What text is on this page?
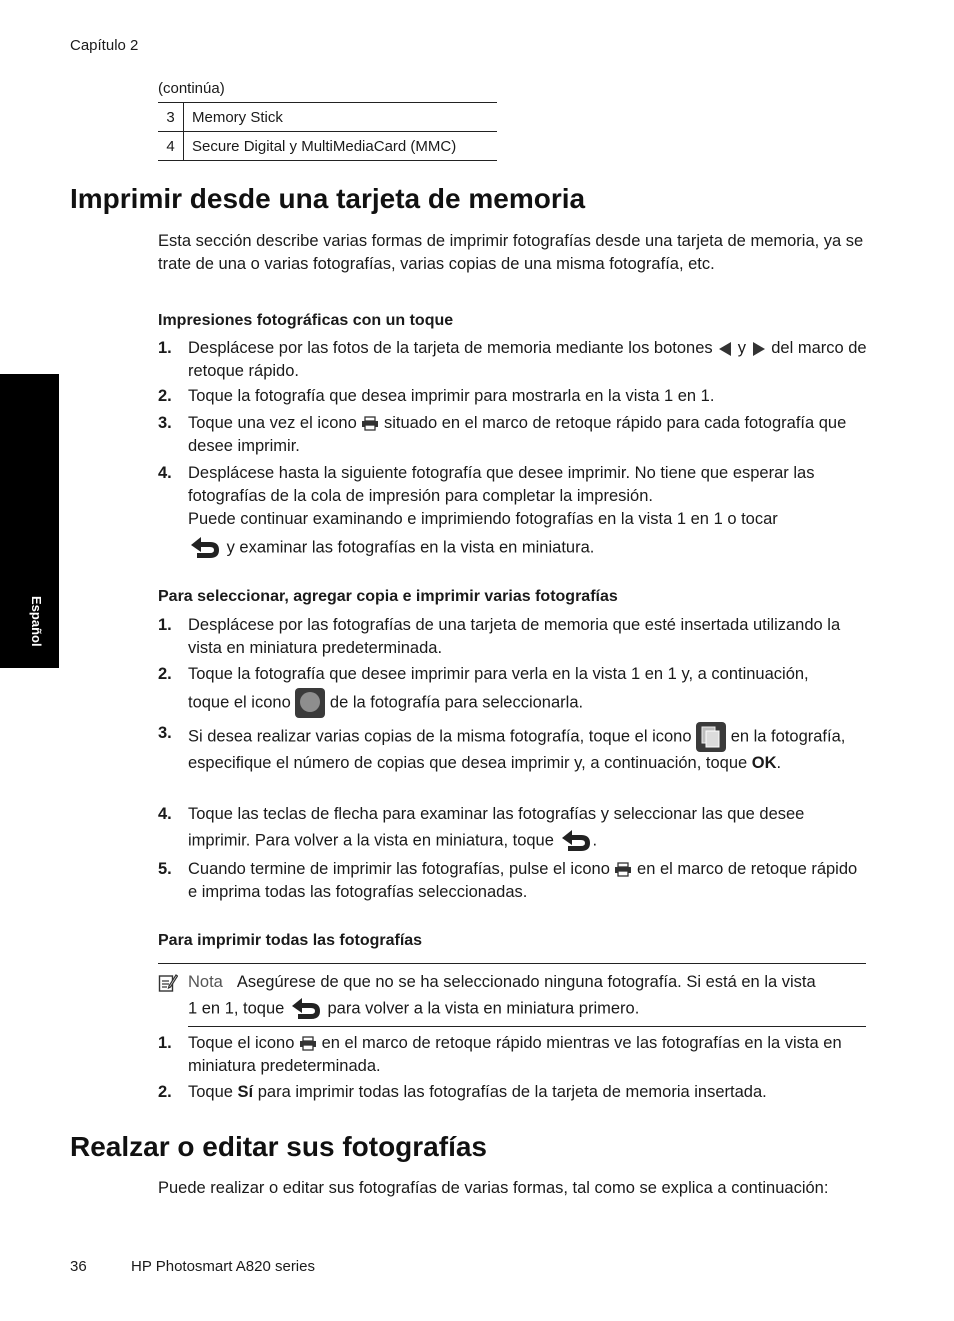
Capítulo 2
(continúa)
3	Memory Stick
4	Secure Digital y MultiMediaCard (MMC)
Español
Imprimir desde una tarjeta de memoria
Esta sección describe varias formas de imprimir fotografías desde una tarjeta de memoria, ya se trate de una o varias fotografías, varias copias de una misma fotografía, etc.
Impresiones fotográficas con un toque
1. Desplácese por las fotos de la tarjeta de memoria mediante los botones  y  del marco de retoque rápido.
2. Toque la fotografía que desea imprimir para mostrarla en la vista 1 en 1.
3. Toque una vez el icono  situado en el marco de retoque rápido para cada fotografía que desee imprimir.
4. Desplácese hasta la siguiente fotografía que desee imprimir. No tiene que esperar las fotografías de la cola de impresión para completar la impresión.
Puede continuar examinando e imprimiendo fotografías en la vista 1 en 1 o tocar
y examinar las fotografías en la vista en miniatura.
Para seleccionar, agregar copia e imprimir varias fotografías
1. Desplácese por las fotografías de una tarjeta de memoria que esté insertada utilizando la vista en miniatura predeterminada.
2. Toque la fotografía que desee imprimir para verla en la vista 1 en 1 y, a continuación,
toque el icono  de la fotografía para seleccionarla.
3. Si desea realizar varias copias de la misma fotografía, toque el icono  en la fotografía, especifique el número de copias que desea imprimir y, a continuación, toque OK.
4. Toque las teclas de flecha para examinar las fotografías y seleccionar las que desee
imprimir. Para volver a la vista en miniatura, toque .
5. Cuando termine de imprimir las fotografías, pulse el icono  en el marco de retoque rápido e imprima todas las fotografías seleccionadas.
Para imprimir todas las fotografías
Nota Asegúrese de que no se ha seleccionado ninguna fotografía. Si está en la vista
1 en 1, toque  para volver a la vista en miniatura primero.
1. Toque el icono  en el marco de retoque rápido mientras ve las fotografías en la vista en miniatura predeterminada.
2. Toque Sí para imprimir todas las fotografías de la tarjeta de memoria insertada.
Realzar o editar sus fotografías
Puede realizar o editar sus fotografías de varias formas, tal como se explica a continuación:
36	HP Photosmart A820 series
